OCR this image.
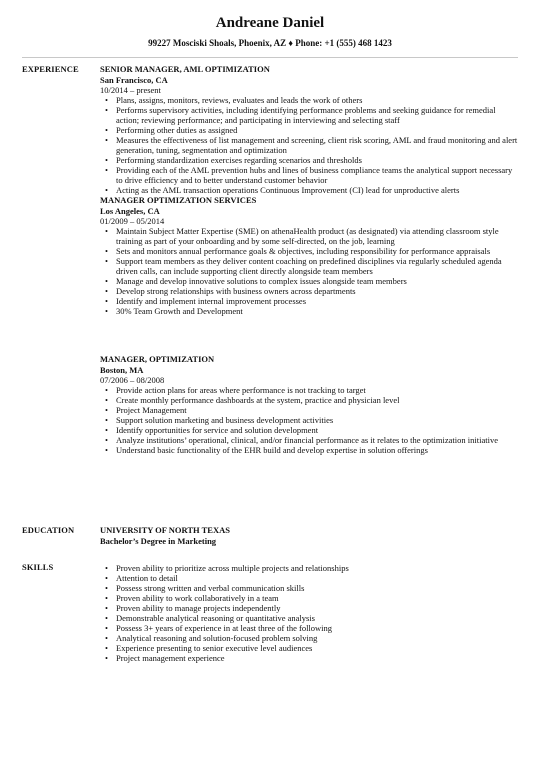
Andreane Daniel
99227 Mosciski Shoals, Phoenix, AZ ♦ Phone: +1 (555) 468 1423
EXPERIENCE	SENIOR MANAGER, AML OPTIMIZATION
San Francisco, CA
10/2014 – present
• Plans, assigns, monitors, reviews, evaluates and leads the work of others
• Performs supervisory activities, including identifying performance problems and seeking guidance for remedial action; reviewing performance; and participating in interviewing and selecting staff
• Performing other duties as assigned
• Measures the effectiveness of list management and screening, client risk scoring, AML and fraud monitoring and alert generation, tuning, segmentation and optimization
• Performing standardization exercises regarding scenarios and thresholds
• Providing each of the AML prevention hubs and lines of business compliance teams the analytical support necessary to drive efficiency and to better understand customer behavior
• Acting as the AML transaction operations Continuous Improvement (CI) lead for unproductive alerts
MANAGER OPTIMIZATION SERVICES
Los Angeles, CA
01/2009 – 05/2014
• Maintain Subject Matter Expertise (SME) on athenaHealth product (as designated) via attending classroom style training as part of your onboarding and by some self-directed, on the job, learning
• Sets and monitors annual performance goals & objectives, including responsibility for performance appraisals
• Support team members as they deliver content coaching on predefined disciplines via regularly scheduled agenda driven calls, can include supporting client directly alongside team members
• Manage and develop innovative solutions to complex issues alongside team members
• Develop strong relationships with business owners across departments
• Identify and implement internal improvement processes
• 30% Team Growth and Development
MANAGER, OPTIMIZATION
Boston, MA
07/2006 – 08/2008
• Provide action plans for areas where performance is not tracking to target
• Create monthly performance dashboards at the system, practice and physician level
• Project Management
• Support solution marketing and business development activities
• Identify opportunities for service and solution development
• Analyze institutions’ operational, clinical, and/or financial performance as it relates to the optimization initiative
• Understand basic functionality of the EHR build and develop expertise in solution offerings
EDUCATION	UNIVERSITY OF NORTH TEXAS
Bachelor’s Degree in Marketing
SKILLS
•	Proven ability to prioritize across multiple projects and relationships
• Attention to detail
• Possess strong written and verbal communication skills
• Proven ability to work collaboratively in a team
• Proven ability to manage projects independently
• Demonstrable analytical reasoning or quantitative analysis
• Possess 3+ years of experience in at least three of the following
• Analytical reasoning and solution-focused problem solving
• Experience presenting to senior executive level audiences
• Project management experience
